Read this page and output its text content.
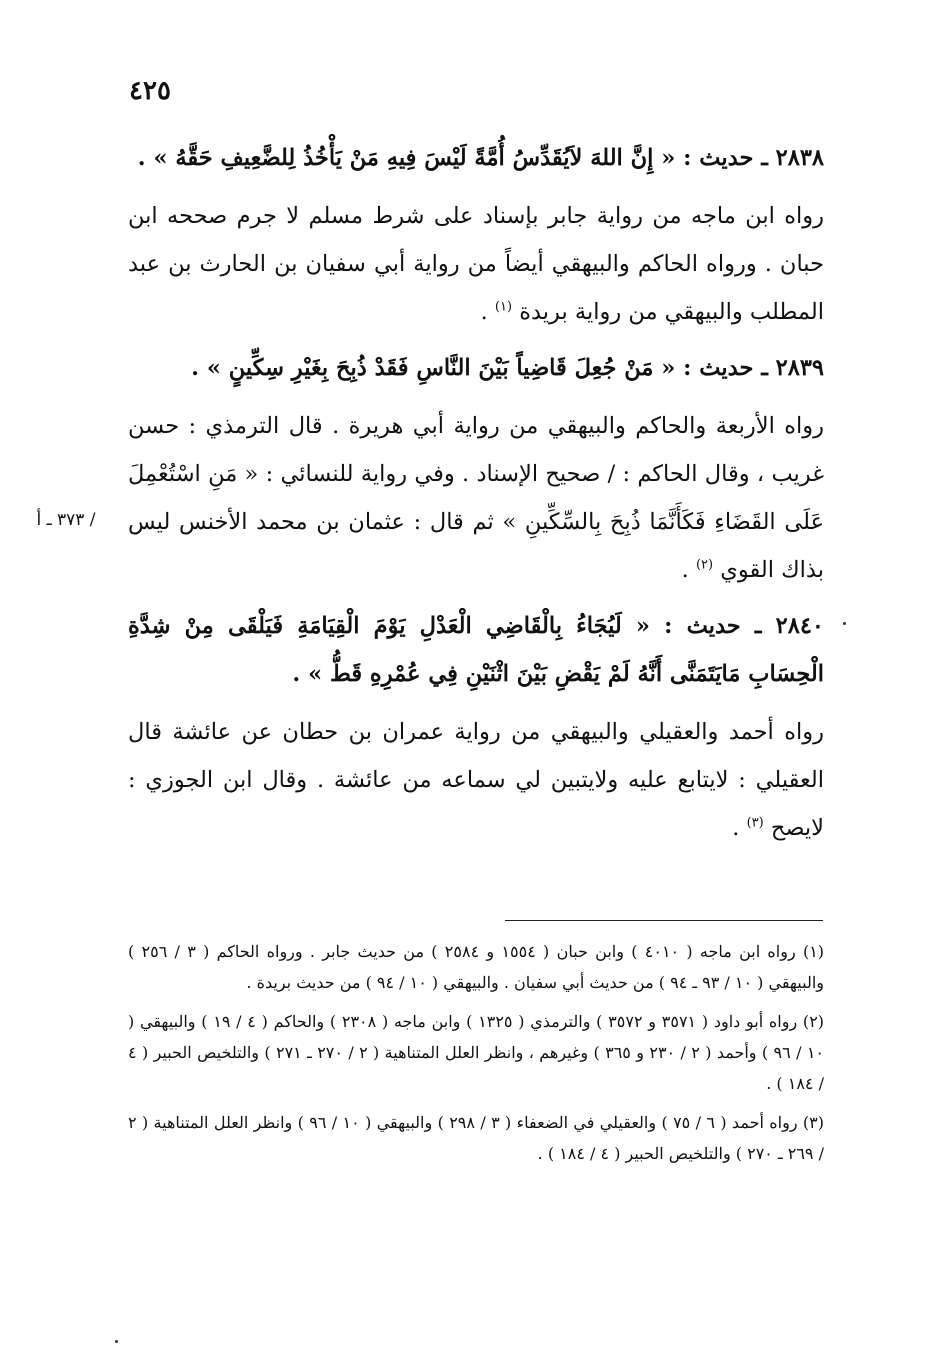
٤٢٥
/ ٣٧٣ ـ أ

٢٨٣٨ ـ حديث : « إِنَّ اللهَ لاَيُقَدِّسُ أُمَّةً لَيْسَ فِيهِ مَنْ يَأْخُذُ لِلضَّعِيفِ حَقَّهُ » .

رواه ابن ماجه من رواية جابر بإسناد على شرط مسلم لا جرم صححه ابن حبان . ورواه الحاكم والبيهقي أيضاً من رواية أبي سفيان بن الحارث بن عبد المطلب والبيهقي من رواية بريدة $^{(١)}$ .

٢٨٣٩ ـ حديث : « مَنْ جُعِلَ قَاضِياً بَيْنَ النَّاسِ فَقَدْ ذُبِحَ بِغَيْرِ سِكِّينٍ » .

رواه الأربعة والحاكم والبيهقي من رواية أبي هريرة . قال الترمذي : حسن غريب ، وقال الحاكم : / صحيح الإسناد . وفي رواية للنسائي : « مَنِ اسْتُعْمِلَ عَلَى القَضَاءِ فَكَأَنَّمَا ذُبِحَ بِالسِّكِّينِ » ثم قال : عثمان بن محمد الأخنس ليس بذاك القوي $^{(٢)}$ .

٢٨٤٠ ـ حديث : « لَيُجَاءُ بِالْقَاضِي الْعَدْلِ يَوْمَ الْقِيَامَةِ فَيَلْقَى مِنْ شِدَّةِ الْحِسَابِ مَايَتَمَنَّى أَنَّهُ لَمْ يَقْضِ بَيْنَ اثْنَيْنِ فِي عُمْرِهِ قَطُّ » .

رواه أحمد والعقيلي والبيهقي من رواية عمران بن حطان عن عائشة قال العقيلي : لايتابع عليه ولايتبين لي سماعه من عائشة . وقال ابن الجوزي : لايصح $^{(٣)}$ .

(١) رواه ابن ماجه ( ٤٠١٠ ) وابن حبان ( ١٥٥٤ و ٢٥٨٤ ) من حديث جابر . ورواه الحاكم ( ٣ / ٢٥٦ ) والبيهقي ( ١٠ / ٩٣ ـ ٩٤ ) من حديث أبي سفيان . والبيهقي ( ١٠ / ٩٤ ) من حديث بريدة .

(٢) رواه أبو داود ( ٣٥٧١ و ٣٥٧٢ ) والترمذي ( ١٣٢٥ ) وابن ماجه ( ٢٣٠٨ ) والحاكم ( ٤ / ١٩ ) والبيهقي ( ١٠ / ٩٦ ) وأحمد ( ٢ / ٢٣٠ و ٣٦٥ ) وغيرهم ، وانظر العلل المتناهية ( ٢ / ٢٧٠ ـ ٢٧١ ) والتلخيص الحبير ( ٤ / ١٨٤ ) .

(٣) رواه أحمد ( ٦ / ٧٥ ) والعقيلي في الضعفاء ( ٣ / ٢٩٨ ) والبيهقي ( ١٠ / ٩٦ ) وانظر العلل المتناهية ( ٢ / ٢٦٩ ـ ٢٧٠ ) والتلخيص الحبير ( ٤ / ١٨٤ ) .
